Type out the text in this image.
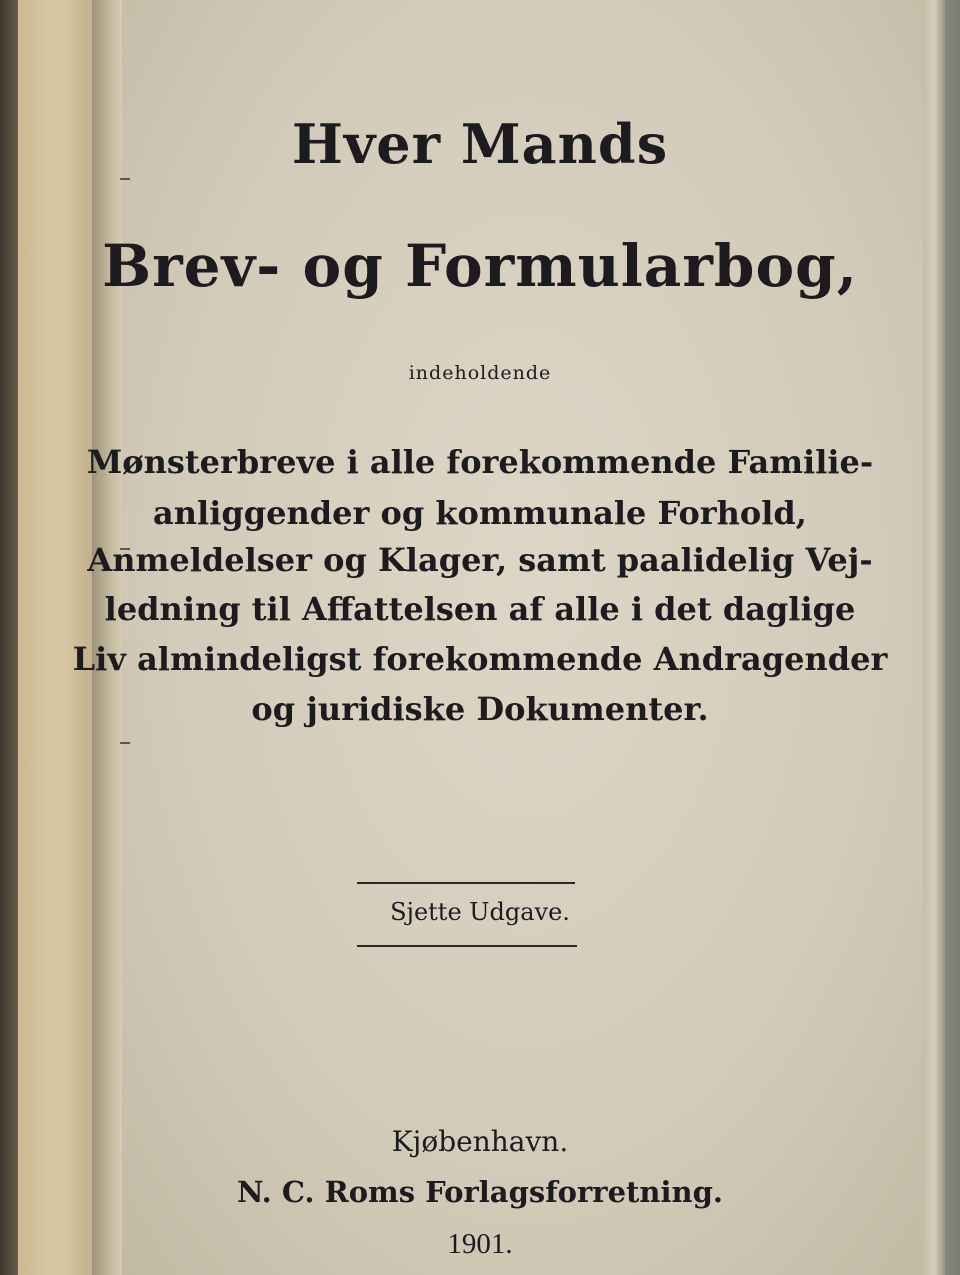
Hver Mands
Brev- og Formularbog,
indeholdende
Mønsterbreve i alle forekommende Familie-
anliggender og kommunale Forhold,
Anmeldelser og Klager, samt paalidelig Vej-
ledning til Affattelsen af alle i det daglige
Liv almindeligst forekommende Andragender
og juridiske Dokumenter.
Sjette Udgave.
Kjøbenhavn.
N. C. Roms Forlagsforretning.
1901.
